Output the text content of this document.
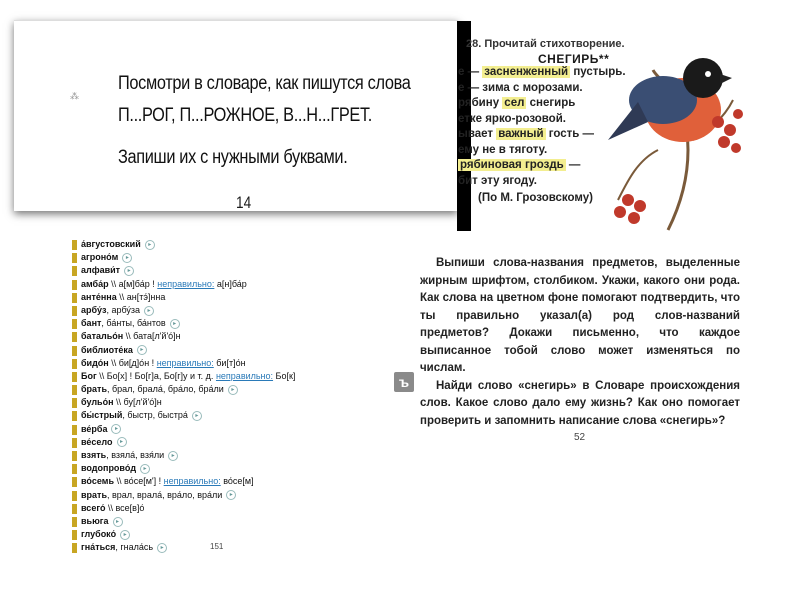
⁂
Посмотри в словаре, как пишутся слова
П...РОГ, П...РОЖНОЕ, В...Н...ГРЕТ.
Запиши их с нужными буквами.
14
а́вгустовский ▸
агроно́м ▸
алфави́т ▸
амба́р \\ а[м]ба́р ! неправильно: а[н]ба́р
анте́нна \\ ан[тэ́]нна
арбу́з, арбу́за ▸
бант, ба́нты, ба́нтов ▸
батальо́н \\ бата[л'й'о́]н
библиоте́ка ▸
бидо́н \\ би[д]о́н ! неправильно: би[т]о́н
Бог \\ Бо[х] ! Бо[г]а, Бо[г]у и т. д. неправильно: Бо[к]
брать, брал, брала́, бра́ло, бра́ли ▸
бульо́н \\ бу[л'й'о́]н
бы́стрый, быстр, быстра́ ▸
ве́рба ▸
ве́село ▸
взять, взяла́, взя́ли ▸
водопрово́д ▸
во́семь \\ во́се[м'] ! неправильно: во́се[м]
врать, врал, врала́, вра́ло, вра́ли ▸
всего́ \\ все[в]о́
вьюга ▸
глубоко́ ▸
гна́ться, гнала́сь ▸	151
28. Прочитай стихотворение.
СНЕГИРЬ**
е — засненженный пустырь.
е — зима с морозами.
рябину сел снегирь
етке ярко-розовой.
ывает важный гость —
ему не в тяготу.
рябиновая гроздь —
бит эту ягоду.
(По М. Грозовскому)

Выпиши слова-названия предметов, выделенные жирным шрифтом, столбиком. Укажи, какого они рода. Как слова на цветном фоне помогают подтвердить, что ты правильно указал(а) род слов-названий предметов? Докажи письменно, что каждое выписанное тобой слово может изменяться по числам.

Найди слово «снегирь» в Словаре происхождения слов. Какое слово дало ему жизнь? Как оно помогает проверить и запомнить написание слова «снегирь»?

52
ъ
